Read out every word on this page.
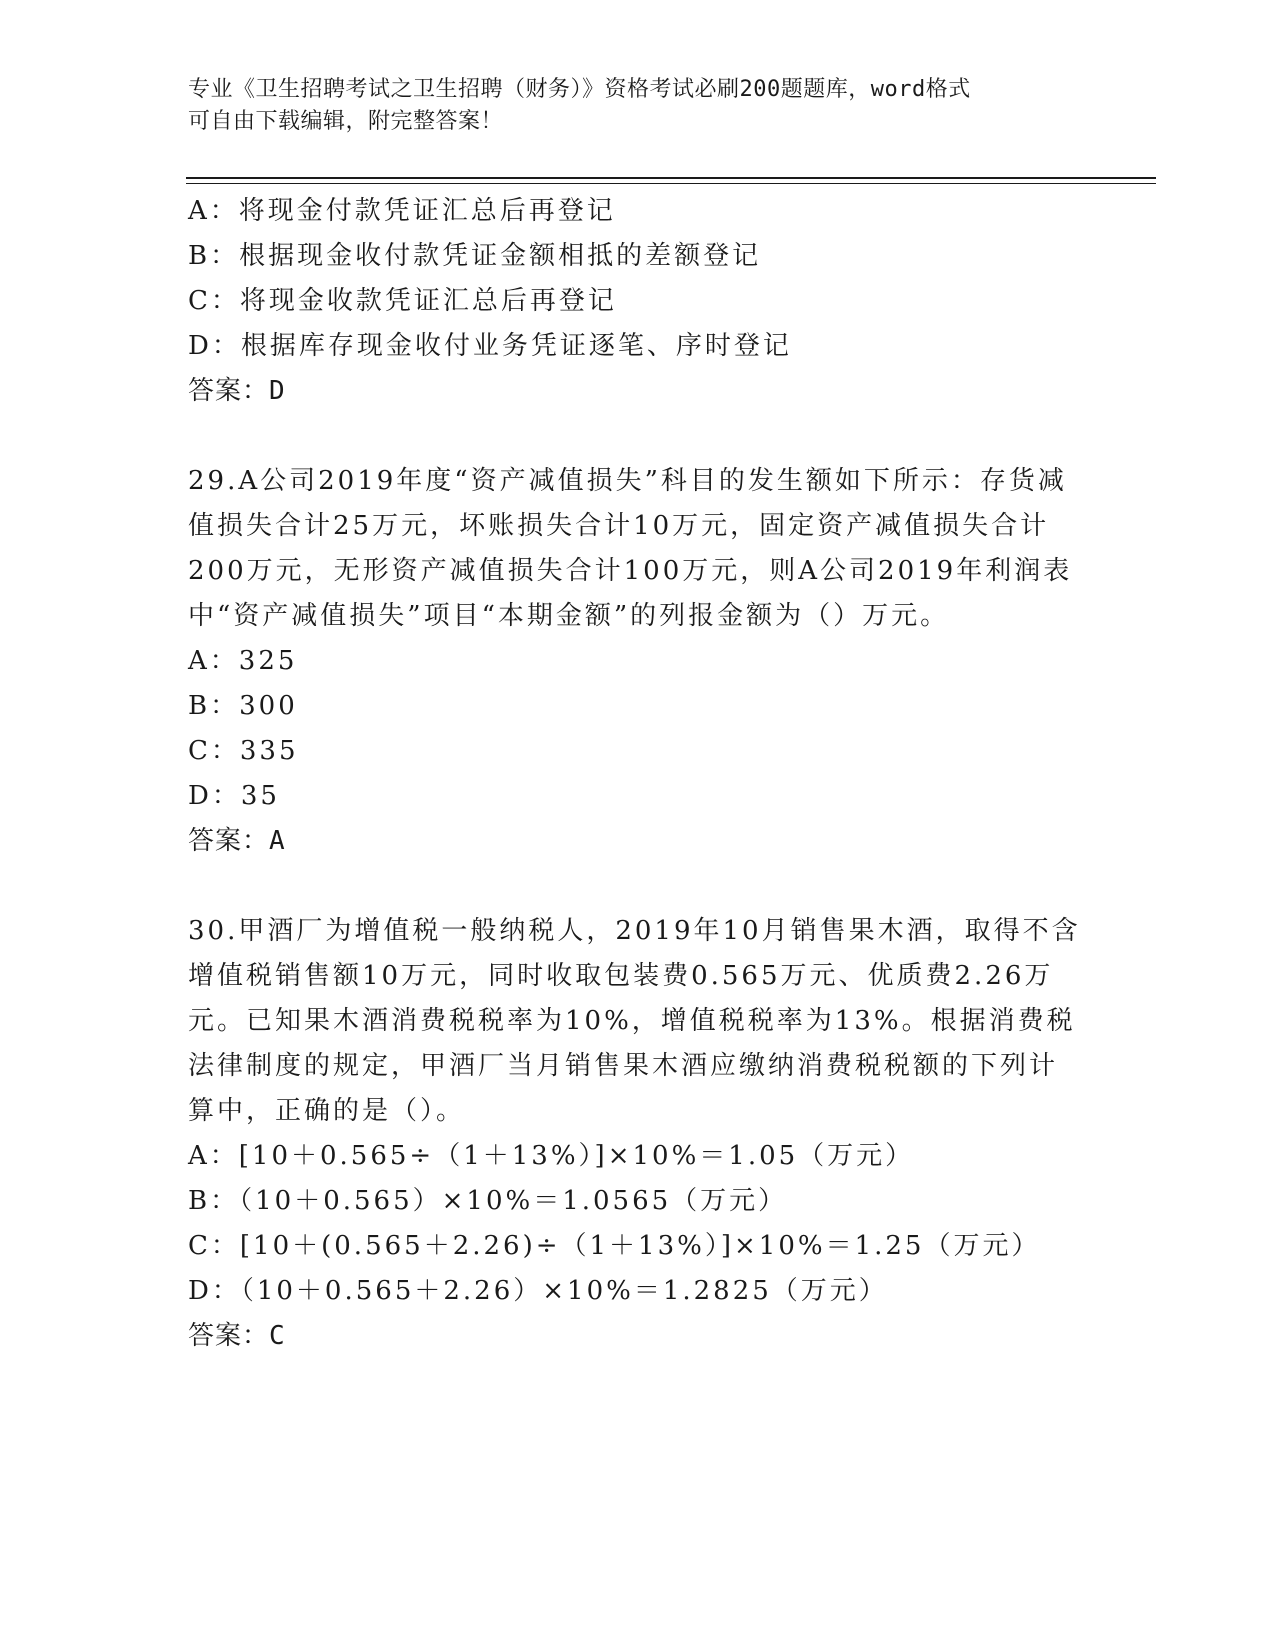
专业《卫生招聘考试之卫生招聘（财务）》资格考试必刷200题题库，word格式
可自由下载编辑，附完整答案！
A：将现金付款凭证汇总后再登记
B：根据现金收付款凭证金额相抵的差额登记
C：将现金收款凭证汇总后再登记
D：根据库存现金收付业务凭证逐笔、序时登记
答案：D
29.A公司2019年度“资产减值损失”科目的发生额如下所示：存货减
值损失合计25万元，坏账损失合计10万元，固定资产减值损失合计
200万元，无形资产减值损失合计100万元，则A公司2019年利润表
中“资产减值损失”项目“本期金额”的列报金额为（）万元。
A：325
B：300
C：335
D：35
答案：A
30.甲酒厂为增值税一般纳税人，2019年10月销售果木酒，取得不含
增值税销售额10万元，同时收取包装费0.565万元、优质费2.26万
元。已知果木酒消费税税率为10%，增值税税率为13%。根据消费税
法律制度的规定，甲酒厂当月销售果木酒应缴纳消费税税额的下列计
算中，正确的是（）。
A：[10＋0.565÷（1＋13%）]×10%＝1.05（万元）
B：（10＋0.565）×10%＝1.0565（万元）
C：[10＋(0.565＋2.26)÷（1＋13%）]×10%＝1.25（万元）
D：（10＋0.565＋2.26）×10%＝1.2825（万元）
答案：C
